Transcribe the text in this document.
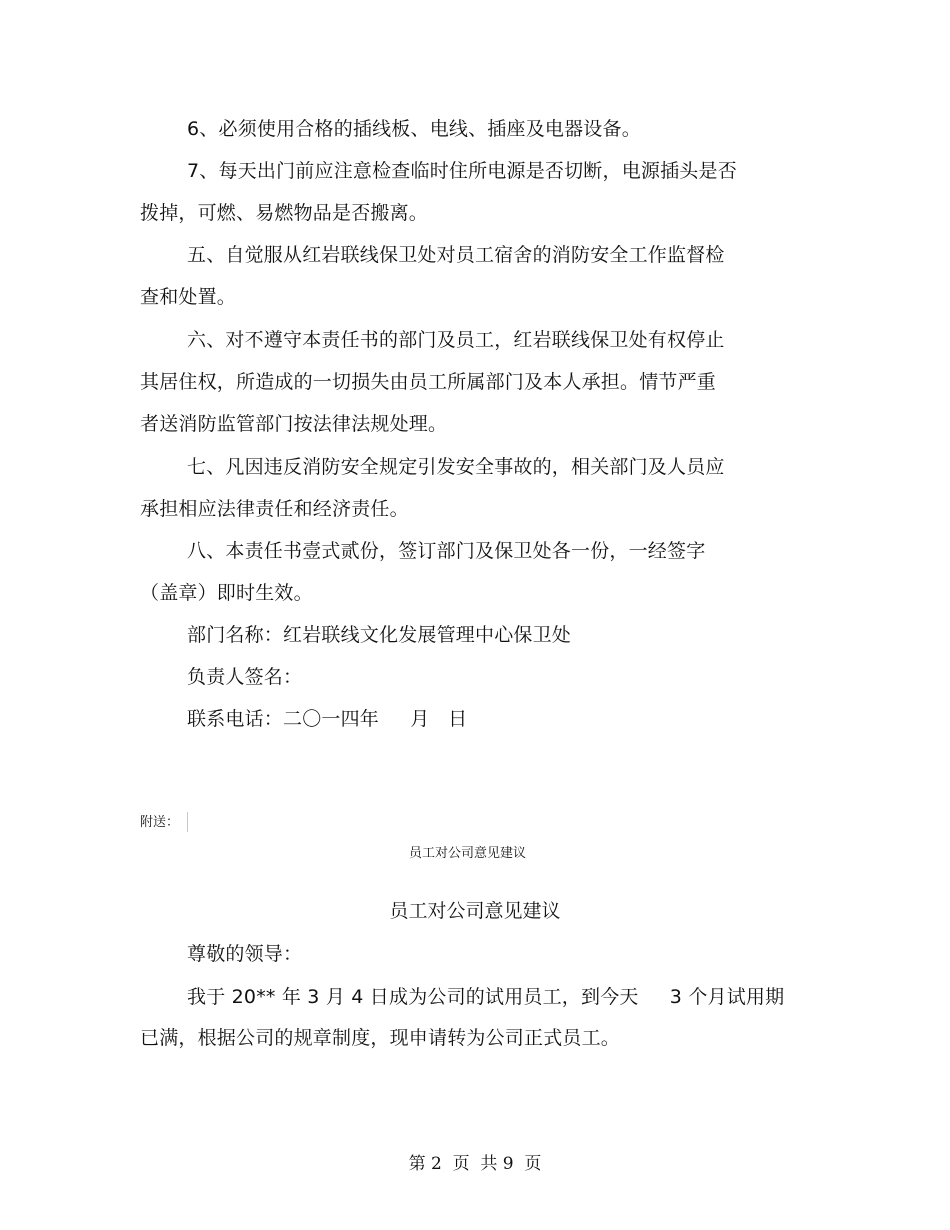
6、必须使用合格的插线板、电线、插座及电器设备。
7、每天出门前应注意检查临时住所电源是否切断，电源插头是否
拨掉，可燃、易燃物品是否搬离。
五、自觉服从红岩联线保卫处对员工宿舍的消防安全工作监督检
查和处置。
六、对不遵守本责任书的部门及员工，红岩联线保卫处有权停止
其居住权，所造成的一切损失由员工所属部门及本人承担。情节严重
者送消防监管部门按法律法规处理。
七、凡因违反消防安全规定引发安全事故的，相关部门及人员应
承担相应法律责任和经济责任。
八、本责任书壹式贰份，签订部门及保卫处各一份，一经签字
（盖章）即时生效。
部门名称：红岩联线文化发展管理中心保卫处
负责人签名：
联系电话：二〇一四年     月   日
附送：
员工对公司意见建议
员工对公司意见建议
尊敬的领导：
我于 20** 年 3 月 4 日成为公司的试用员工，到今天     3 个月试用期
已满，根据公司的规章制度，现申请转为公司正式员工。
第 2  页  共 9  页
